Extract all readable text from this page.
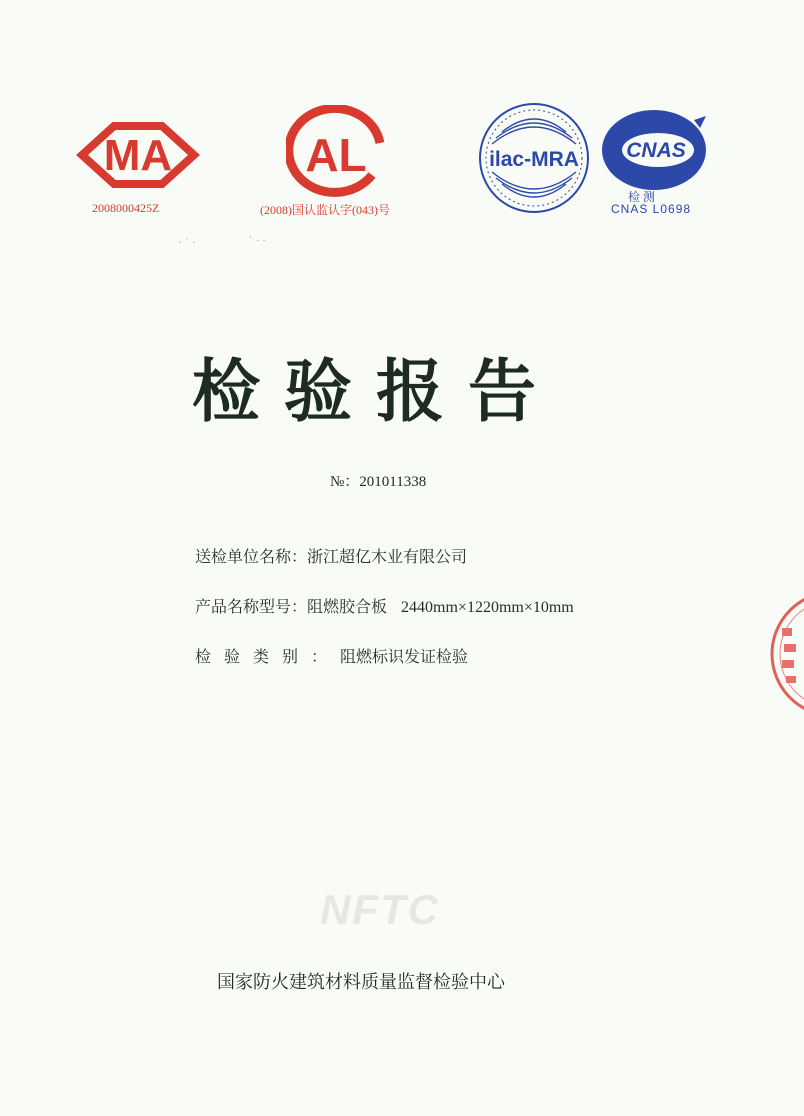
MA
2008000425Z
AL
(2008)国认监认字(043)号
ilac-MRA CNAS
检 测
CNAS L0698
· ˙ ·	˙ · ·
检验报告
№：201011338
送检单位名称：浙江超亿木业有限公司
产品名称型号：阻燃胶合板 2440mm×1220mm×10mm
检验类别：阻燃标识发证检验
NFTC
国家防火建筑材料质量监督检验中心
